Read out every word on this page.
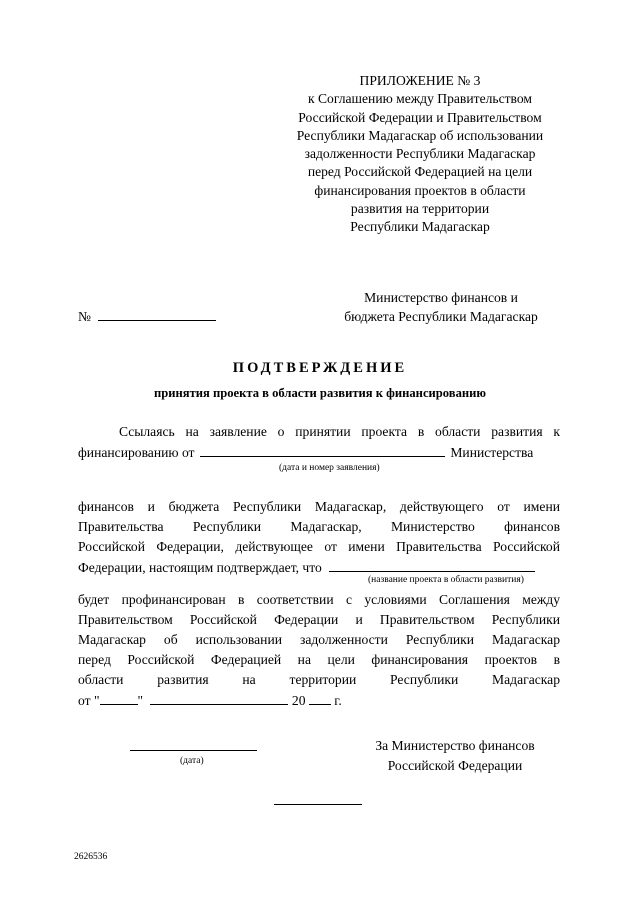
ПРИЛОЖЕНИЕ № 3
к Соглашению между Правительством
Российской Федерации и Правительством
Республики Мадагаскар об использовании
задолженности Республики Мадагаскар
перед Российской Федерацией на цели
финансирования проектов в области
развития на территории
Республики Мадагаскар
Министерство финансов и
бюджета Республики Мадагаскар
№
ПОДТВЕРЖДЕНИЕ
принятия проекта в области развития к финансированию
Ссылаясь на заявление о принятии проекта в области развития к
финансированию от	Министерства
(дата и номер заявления)
финансов и бюджета Республики Мадагаскар, действующего от имени
Правительства Республики Мадагаскар, Министерство финансов
Российской Федерации, действующее от имени Правительства Российской
Федерации, настоящим подтверждает, что
(название проекта в области развития)
будет профинансирован в соответствии с условиями Соглашения между
Правительством Российской Федерации и Правительством Республики
Мадагаскар об использовании задолженности Республики Мадагаскар
перед Российской Федерацией на цели финансирования проектов в
области развития на территории Республики Мадагаскар
от "	"	20 г.
(дата)
За Министерство финансов
Российской Федерации
2626536
